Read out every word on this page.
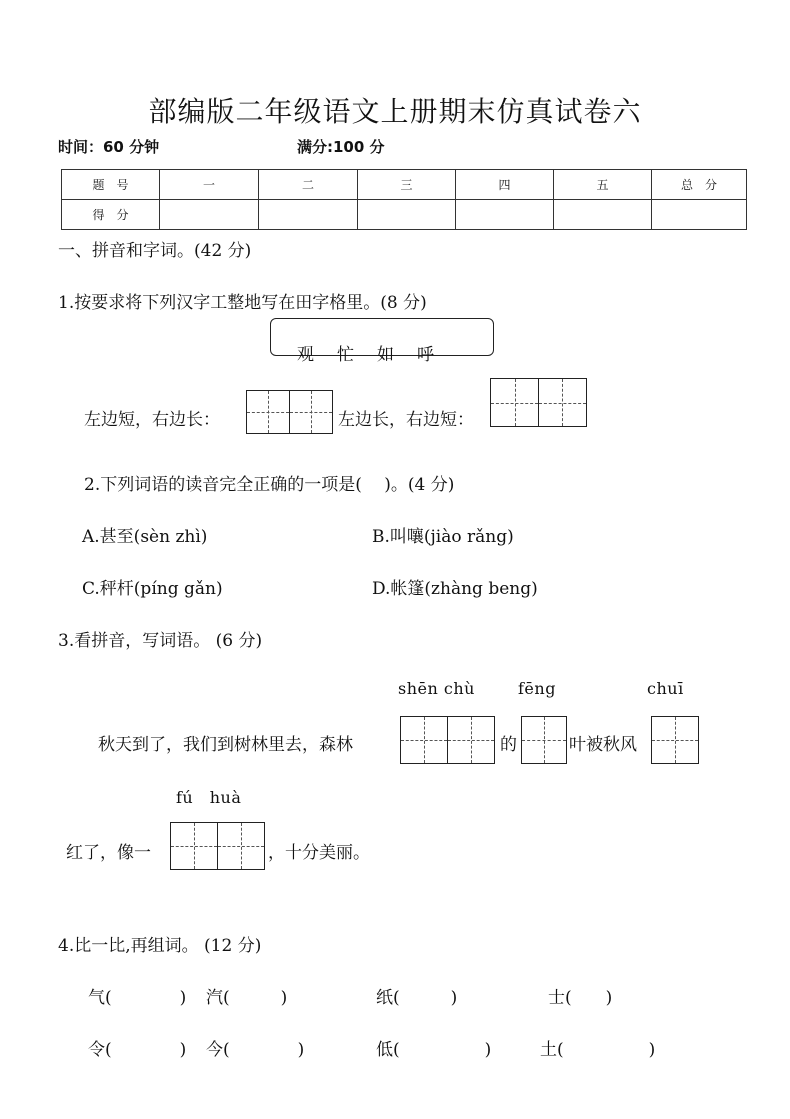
部编版二年级语文上册期末仿真试卷六
时间：60 分钟	满分:100 分
题　号	一	二	三	四	五	总　分
得　分						
一、拼音和字词。(42 分)
1.按要求将下列汉字工整地写在田字格里。(8 分)
观 忙 如 呼
左边短，右边长：	左边长，右边短：
2.下列词语的读音完全正确的一项是(　 )。(4 分)
A.甚至(sèn zhì)	B.叫嚷(jiào rǎng)
C.秤杆(píng gǎn)	D.帐篷(zhàng beng)
3.看拼音，写词语。 (6 分)
shēn chù	fēng	chuī
秋天到了，我们到树林里去，森林	的	叶被秋风
fú　huà
红了，像一	，十分美丽。
4.比一比,再组词。 (12 分)
气(　　　　) 汽(　　　)	纸(　　　)	士(　　)
令(　　　　) 今(　　　　)	低(　　　　　)	土(　　　　　)
